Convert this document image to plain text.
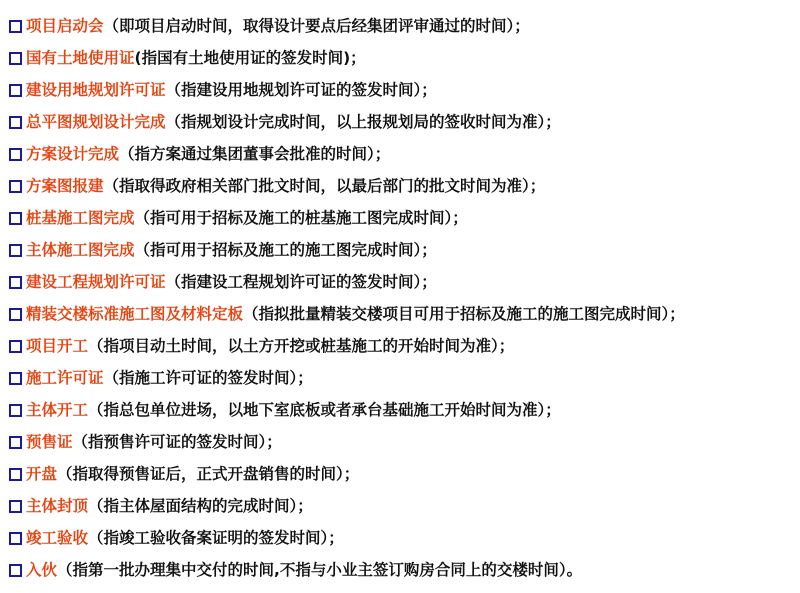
项目启动会 （即项目启动时间，取得设计要点后经集团评审通过的时间）；
国有土地使用证 (指国有土地使用证的签发时间)；
建设用地规划许可证 （指建设用地规划许可证的签发时间）；
总平图规划设计完成 （指规划设计完成时间，以上报规划局的签收时间为准）；
方案设计完成 （指方案通过集团董事会批准的时间）；
方案图报建 （指取得政府相关部门批文时间，以最后部门的批文时间为准）；
桩基施工图完成 （指可用于招标及施工的桩基施工图完成时间）；
主体施工图完成 （指可用于招标及施工的施工图完成时间）；
建设工程规划许可证 （指建设工程规划许可证的签发时间）；
精装交楼标准施工图及材料定板 （指拟批量精装交楼项目可用于招标及施工的施工图完成时间）；
项目开工 （指项目动土时间，以土方开挖或桩基施工的开始时间为准）；
施工许可证 （指施工许可证的签发时间）；
主体开工 （指总包单位进场，以地下室底板或者承台基础施工开始时间为准）；
预售证 （指预售许可证的签发时间）；
开盘 （指取得预售证后，正式开盘销售的时间）；
主体封顶 （指主体屋面结构的完成时间）；
竣工验收 （指竣工验收备案证明的签发时间）；
入伙 （指第一批办理集中交付的时间,不指与小业主签订购房合同上的交楼时间）。
